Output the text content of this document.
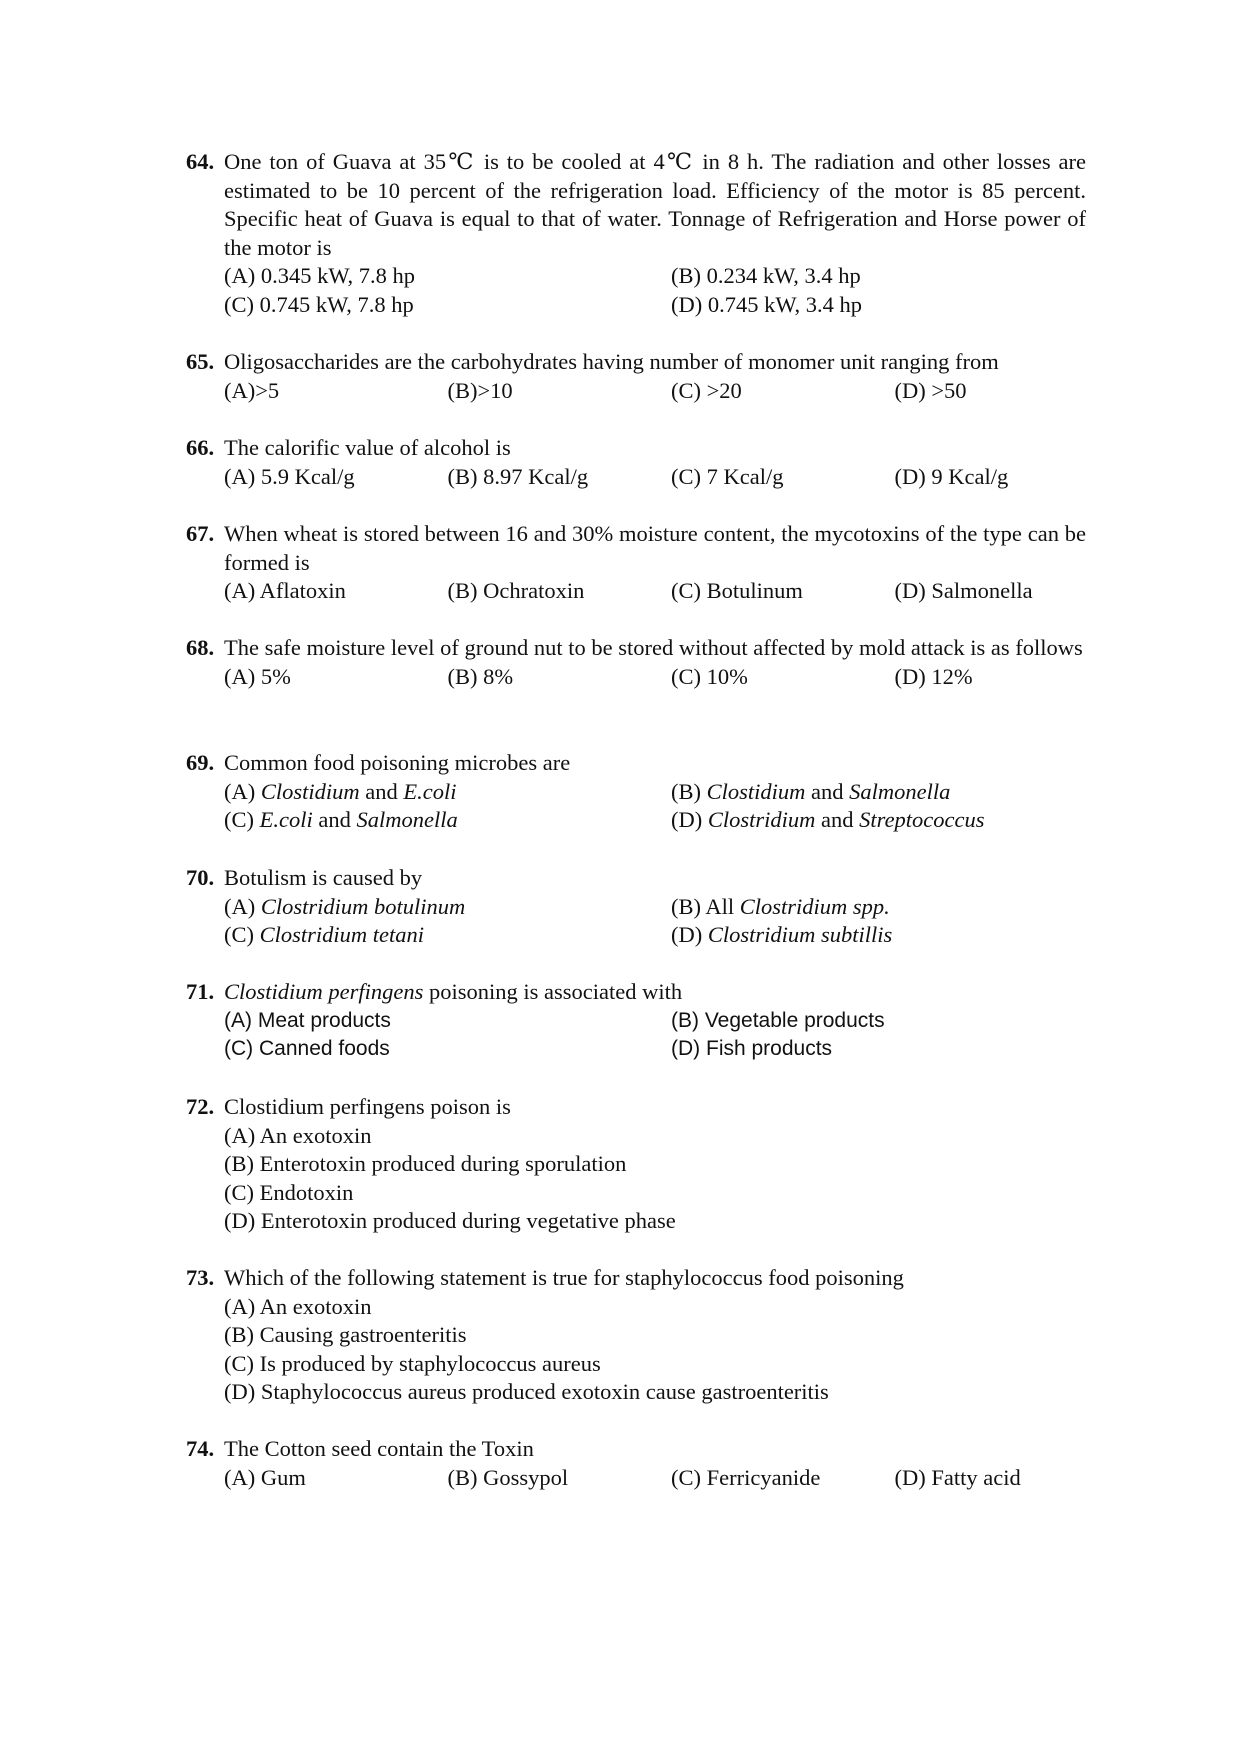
64. One ton of Guava at 35℃ is to be cooled at 4℃ in 8 h. The radiation and other losses are estimated to be 10 percent of the refrigeration load. Efficiency of the motor is 85 percent. Specific heat of Guava is equal to that of water. Tonnage of Refrigeration and Horse power of the motor is
(A) 0.345 kW, 7.8 hp	(B) 0.234 kW, 3.4 hp
(C) 0.745 kW, 7.8 hp	(D) 0.745 kW, 3.4 hp
65. Oligosaccharides are the carbohydrates having number of monomer unit ranging from
(A)>5	(B)>10	(C) >20	(D) >50
66. The calorific value of alcohol is
(A) 5.9 Kcal/g	(B) 8.97 Kcal/g	(C) 7 Kcal/g	(D) 9 Kcal/g
67. When wheat is stored between 16 and 30% moisture content, the mycotoxins of the type can be formed is
(A) Aflatoxin	(B) Ochratoxin	(C) Botulinum	(D) Salmonella
68. The safe moisture level of ground nut to be stored without affected by mold attack is as follows
(A) 5%	(B) 8%	(C) 10%	(D) 12%
69. Common food poisoning microbes are
(A) Clostidium and E.coli	(B) Clostidium and Salmonella
(C) E.coli and Salmonella	(D) Clostridium and Streptococcus
70. Botulism is caused by
(A) Clostridium botulinum	(B) All Clostridium spp.
(C) Clostridium tetani	(D) Clostridium subtillis
71. Clostidium perfingens poisoning is associated with
(A) Meat products	(B) Vegetable products
(C) Canned foods	(D) Fish products
72. Clostidium perfingens poison is
(A) An exotoxin
(B) Enterotoxin produced during sporulation
(C) Endotoxin
(D) Enterotoxin produced during vegetative phase
73. Which of the following statement is true for staphylococcus food poisoning
(A) An exotoxin
(B) Causing gastroenteritis
(C) Is produced by staphylococcus aureus
(D) Staphylococcus aureus produced exotoxin cause gastroenteritis
74. The Cotton seed contain the Toxin
(A) Gum	(B) Gossypol	(C) Ferricyanide	(D) Fatty acid
